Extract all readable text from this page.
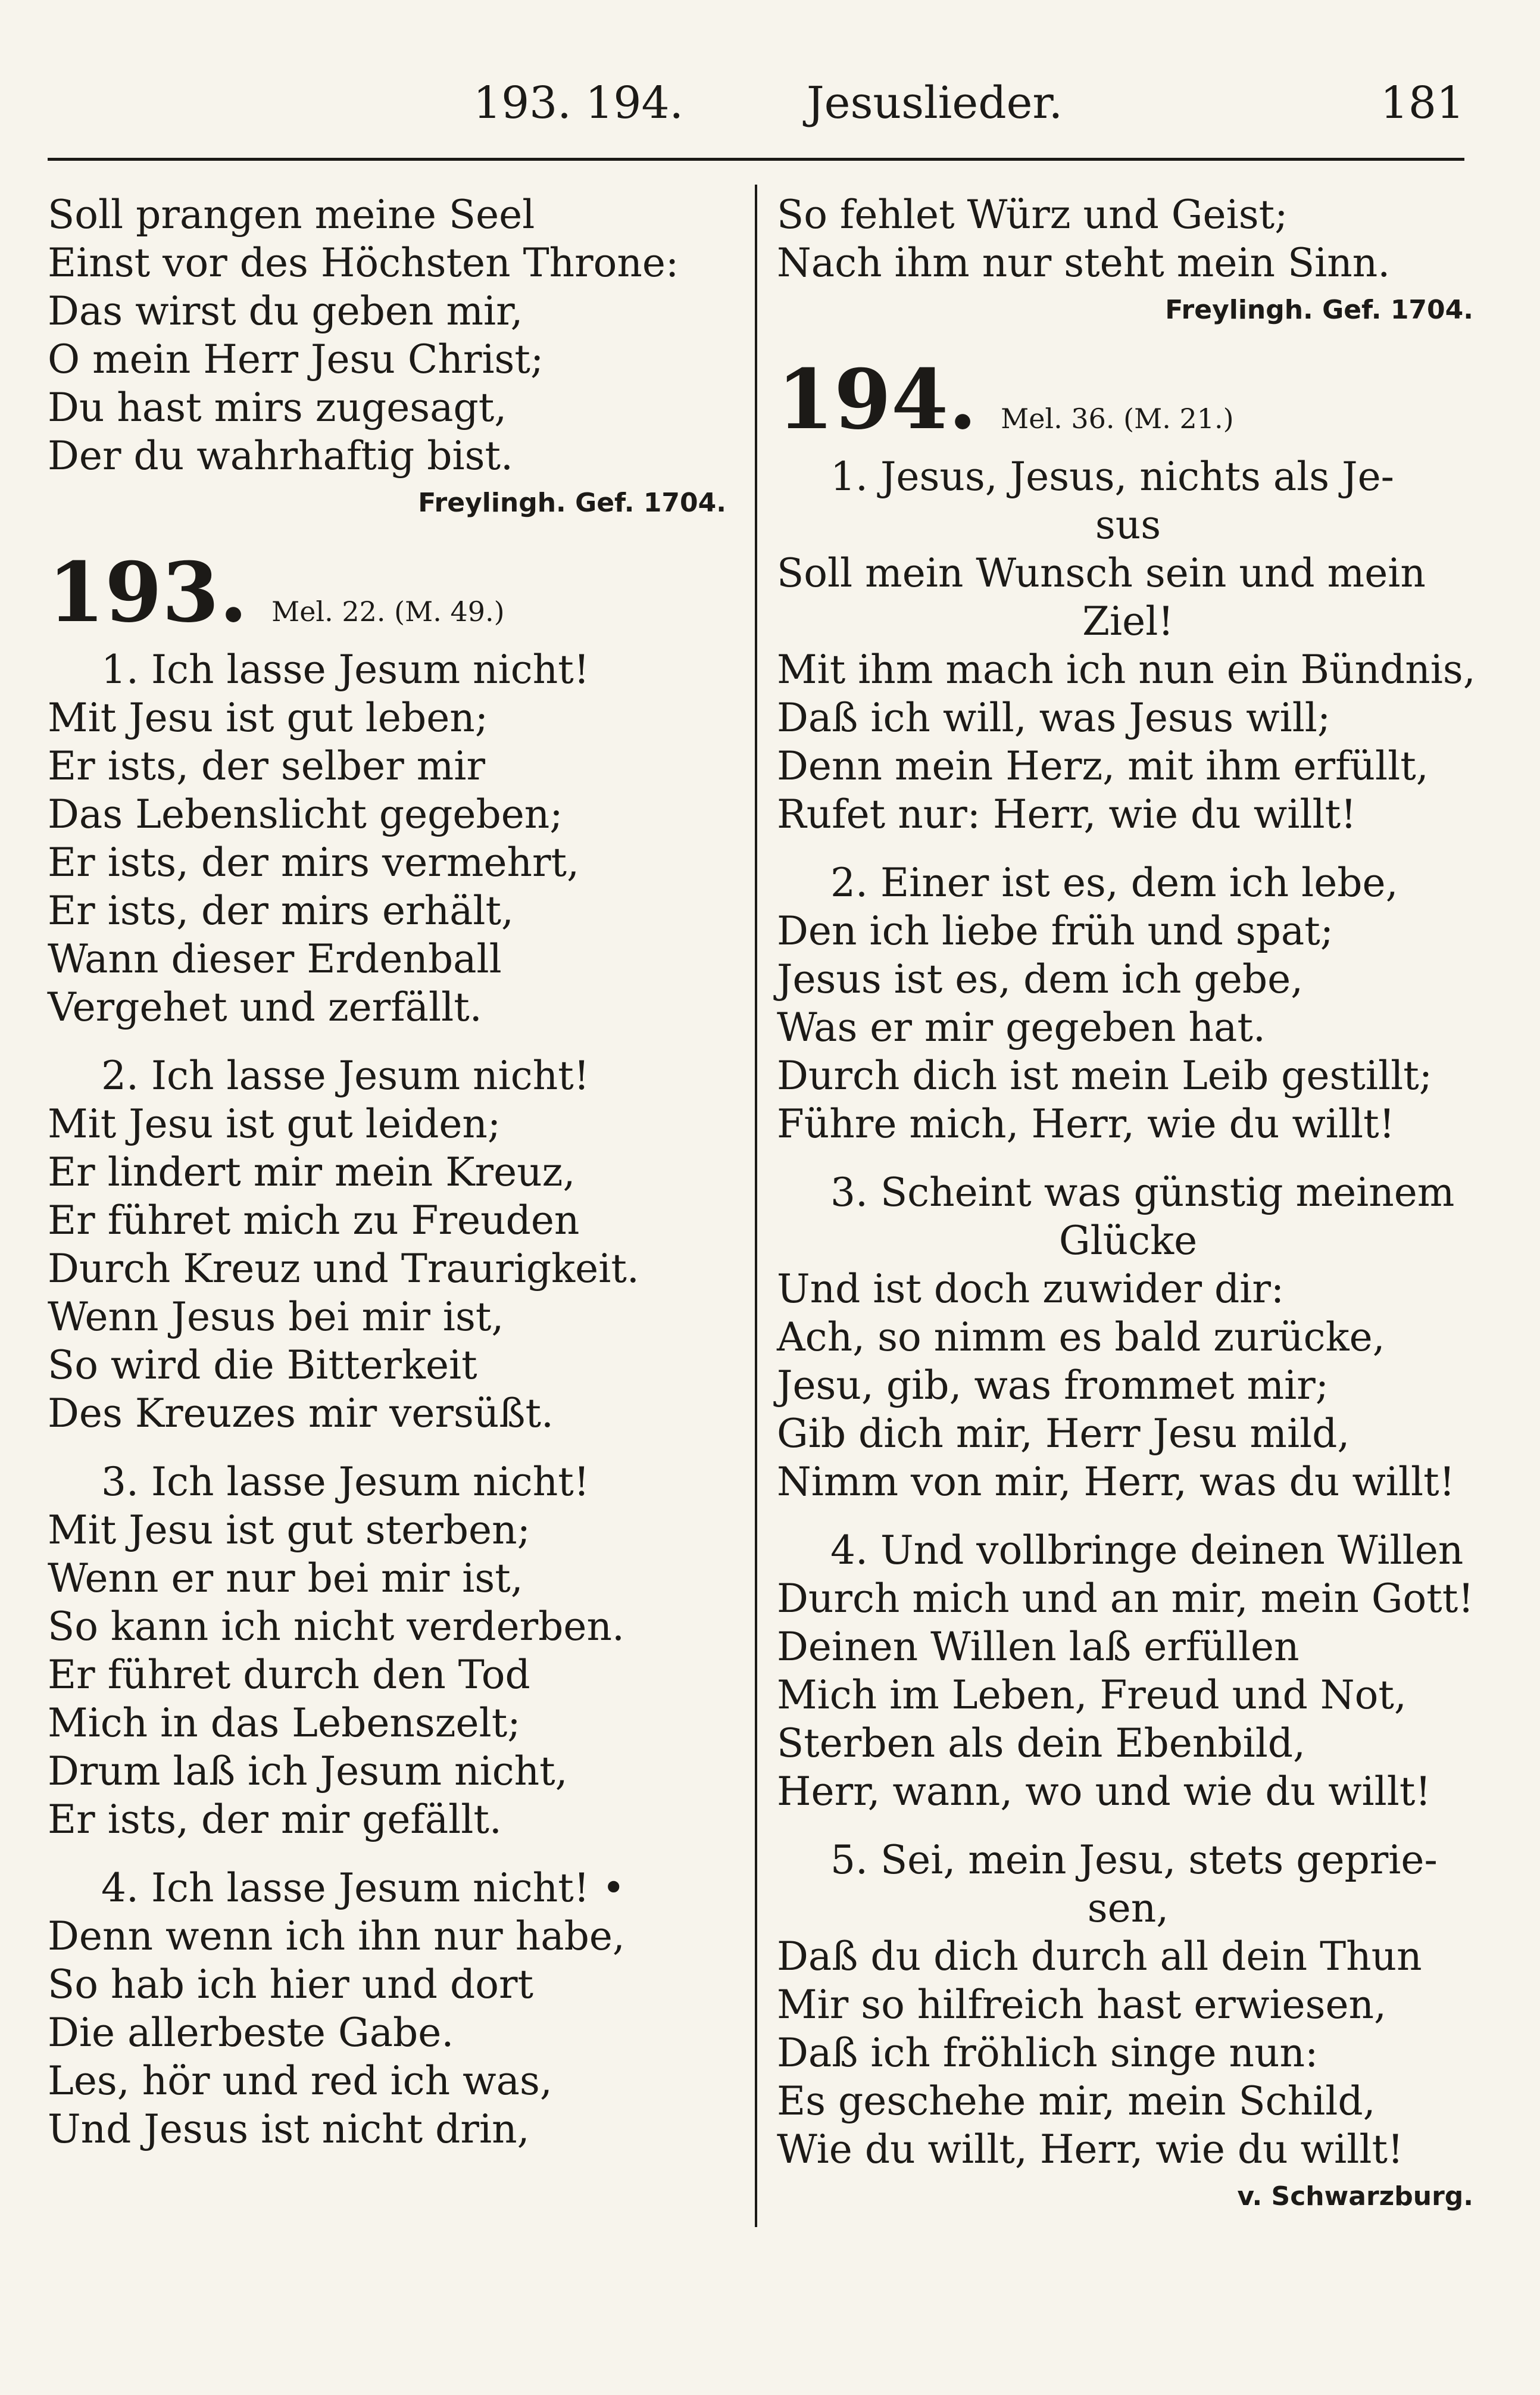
193. 194.	Jesuslieder.	181
Soll prangen meine Seel
Einst vor des Höchsten Throne:
Das wirst du geben mir,
O mein Herr Jesu Christ;
Du hast mirs zugesagt,
Der du wahrhaftig bist.
Freylingh. Gef. 1704.
193. Mel. 22. (M. 49.)
1. Ich lasse Jesum nicht!
Mit Jesu ist gut leben;
Er ists, der selber mir
Das Lebenslicht gegeben;
Er ists, der mirs vermehrt,
Er ists, der mirs erhält,
Wann dieser Erdenball
Vergehet und zerfällt.
2. Ich lasse Jesum nicht!
Mit Jesu ist gut leiden;
Er lindert mir mein Kreuz,
Er führet mich zu Freuden
Durch Kreuz und Traurigkeit.
Wenn Jesus bei mir ist,
So wird die Bitterkeit
Des Kreuzes mir versüßt.
3. Ich lasse Jesum nicht!
Mit Jesu ist gut sterben;
Wenn er nur bei mir ist,
So kann ich nicht verderben.
Er führet durch den Tod
Mich in das Lebenszelt;
Drum laß ich Jesum nicht,
Er ists, der mir gefällt.
4. Ich lasse Jesum nicht! •
Denn wenn ich ihn nur habe,
So hab ich hier und dort
Die allerbeste Gabe.
Les, hör und red ich was,
Und Jesus ist nicht drin,
So fehlet Würz und Geist;
Nach ihm nur steht mein Sinn.
Freylingh. Gef. 1704.
194. Mel. 36. (M. 21.)
1. Jesus, Jesus, nichts als Je-
sus
Soll mein Wunsch sein und mein
Ziel!
Mit ihm mach ich nun ein Bündnis,
Daß ich will, was Jesus will;
Denn mein Herz, mit ihm erfüllt,
Rufet nur: Herr, wie du willt!
2. Einer ist es, dem ich lebe,
Den ich liebe früh und spat;
Jesus ist es, dem ich gebe,
Was er mir gegeben hat.
Durch dich ist mein Leib gestillt;
Führe mich, Herr, wie du willt!
3. Scheint was günstig meinem
Glücke
Und ist doch zuwider dir:
Ach, so nimm es bald zurücke,
Jesu, gib, was frommet mir;
Gib dich mir, Herr Jesu mild,
Nimm von mir, Herr, was du willt!
4. Und vollbringe deinen Willen
Durch mich und an mir, mein Gott!
Deinen Willen laß erfüllen
Mich im Leben, Freud und Not,
Sterben als dein Ebenbild,
Herr, wann, wo und wie du willt!
5. Sei, mein Jesu, stets geprie-
sen,
Daß du dich durch all dein Thun
Mir so hilfreich hast erwiesen,
Daß ich fröhlich singe nun:
Es geschehe mir, mein Schild,
Wie du willt, Herr, wie du willt!
v. Schwarzburg.
